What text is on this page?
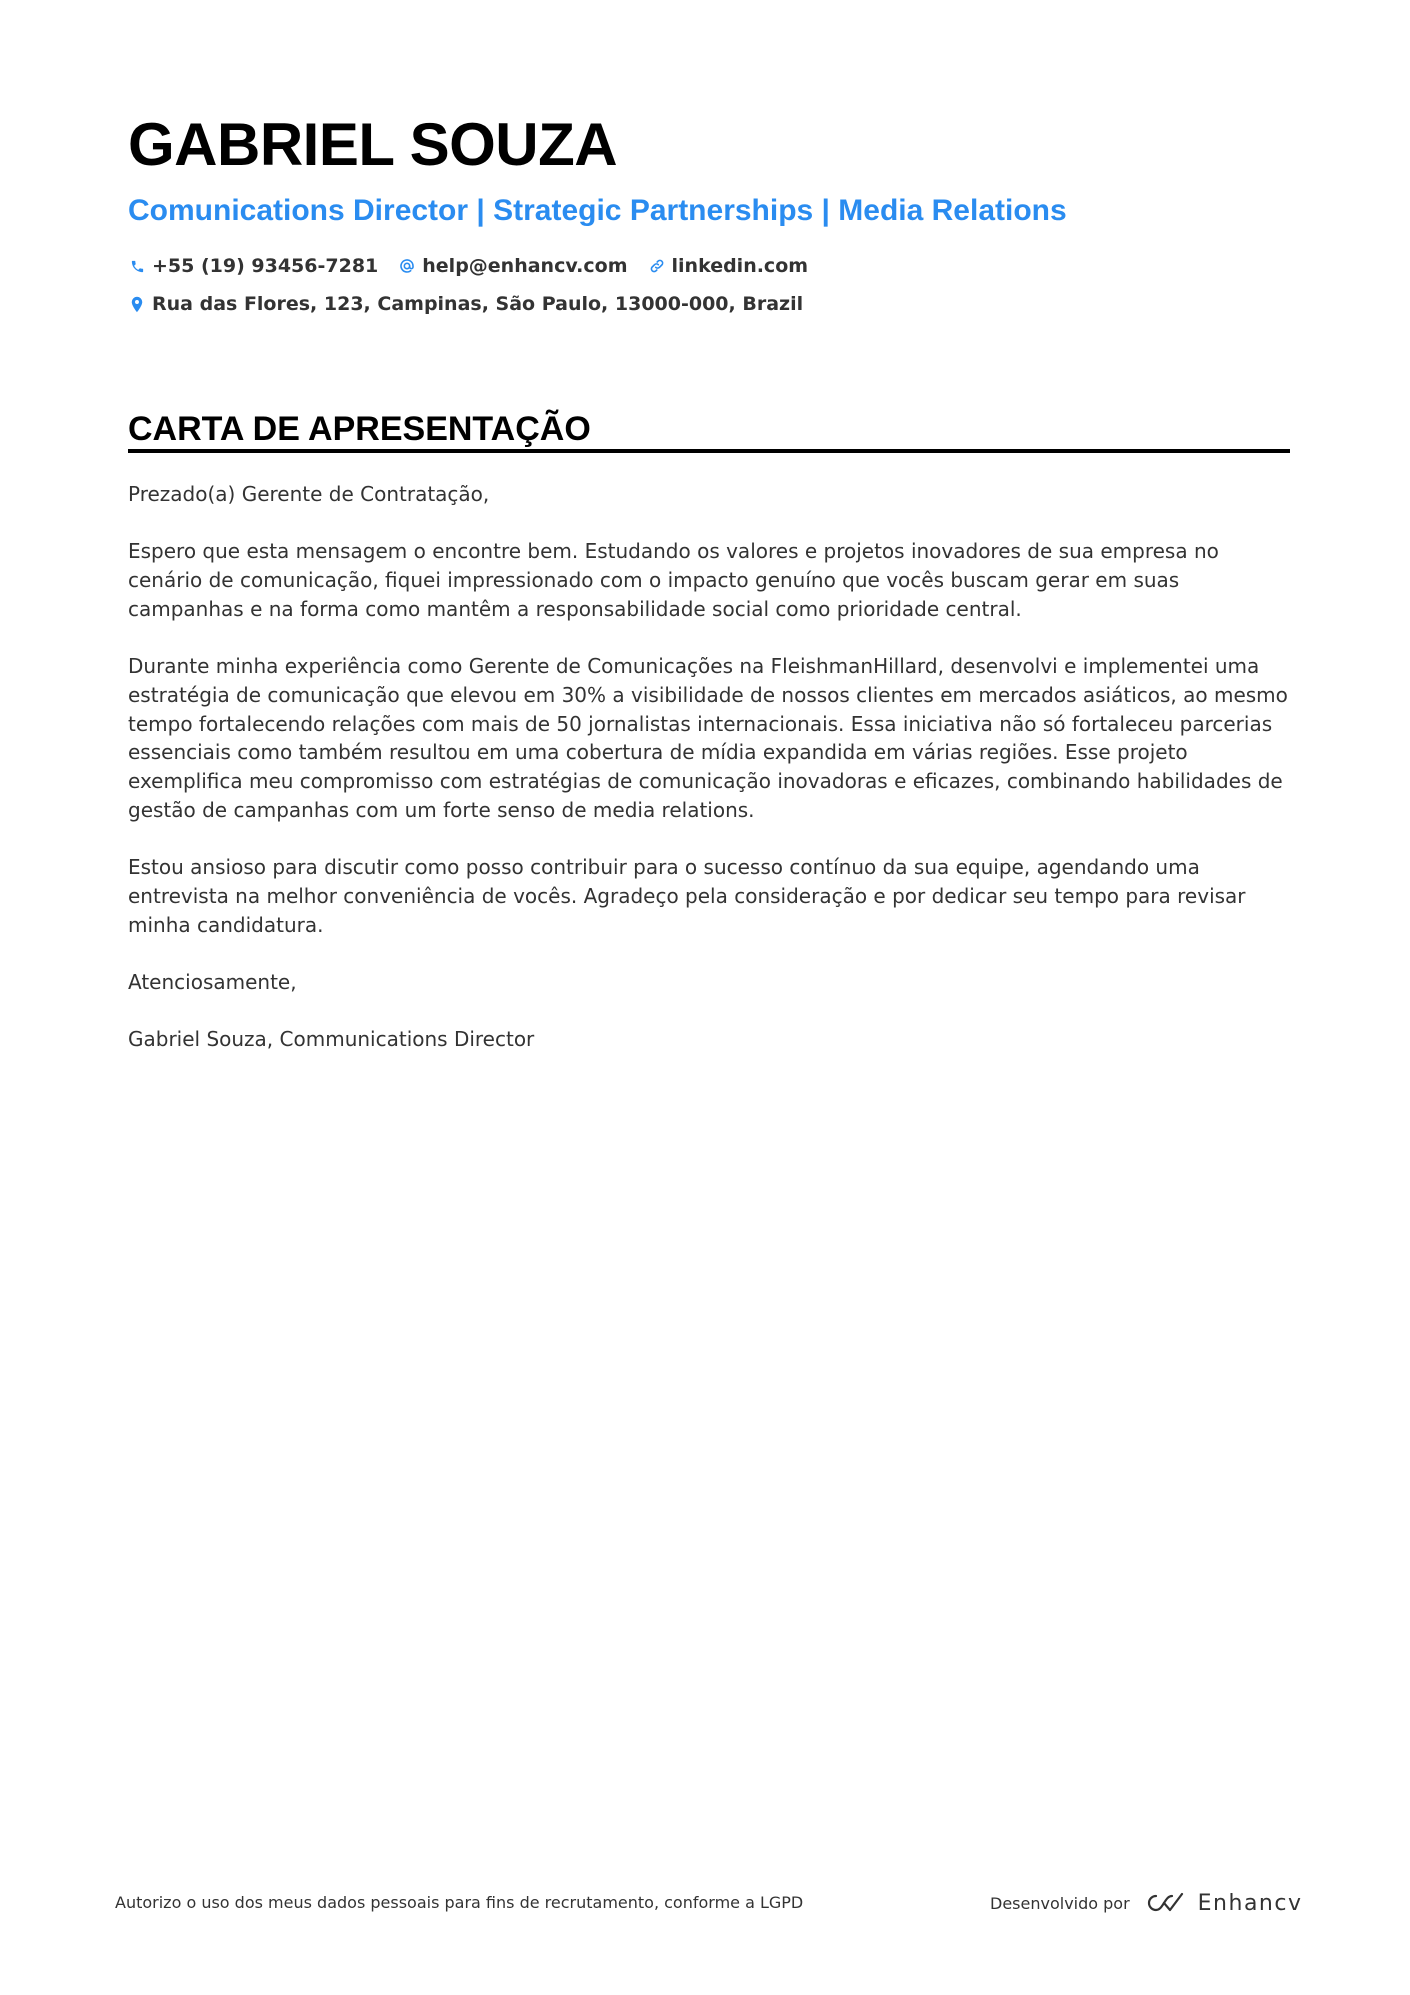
GABRIEL SOUZA
Comunications Director | Strategic Partnerships | Media Relations
+55 (19) 93456-7281 help@enhancv.com linkedin.com
Rua das Flores, 123, Campinas, São Paulo, 13000-000, Brazil
CARTA DE APRESENTAÇÃO

Prezado(a) Gerente de Contratação,

Espero que esta mensagem o encontre bem. Estudando os valores e projetos inovadores de sua empresa no cenário de comunicação, fiquei impressionado com o impacto genuíno que vocês buscam gerar em suas campanhas e na forma como mantêm a responsabilidade social como prioridade central.

Durante minha experiência como Gerente de Comunicações na FleishmanHillard, desenvolvi e implementei uma estratégia de comunicação que elevou em 30% a visibilidade de nossos clientes em mercados asiáticos, ao mesmo tempo fortalecendo relações com mais de 50 jornalistas internacionais. Essa iniciativa não só fortaleceu parcerias essenciais como também resultou em uma cobertura de mídia expandida em várias regiões. Esse projeto exemplifica meu compromisso com estratégias de comunicação inovadoras e eficazes, combinando habilidades de gestão de campanhas com um forte senso de media relations.

Estou ansioso para discutir como posso contribuir para o sucesso contínuo da sua equipe, agendando uma entrevista na melhor conveniência de vocês. Agradeço pela consideração e por dedicar seu tempo para revisar minha candidatura.

Atenciosamente,

Gabriel Souza, Communications Director

Autorizo o uso dos meus dados pessoais para fins de recrutamento, conforme a LGPD	Desenvolvido por	Enhancv
